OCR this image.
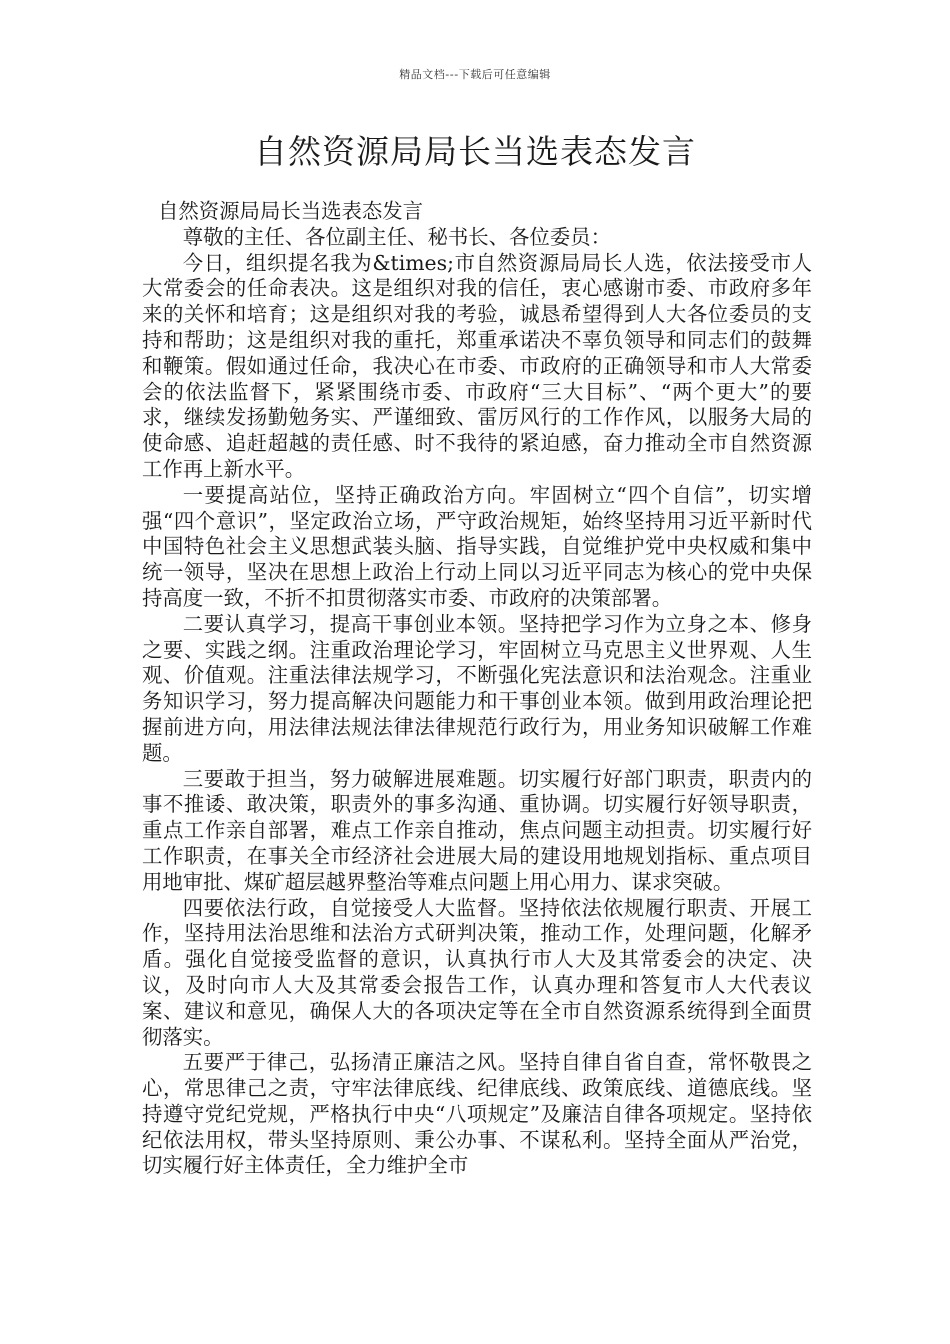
精品文档---下载后可任意编辑
自然资源局局长当选表态发言

自然资源局局长当选表态发言

尊敬的主任、各位副主任、秘书长、各位委员：

今日，组织提名我为&times;市自然资源局局长人选，依法接受市人大常委会的任命表决。这是组织对我的信任，衷心感谢市委、市政府多年来的关怀和培育；这是组织对我的考验，诚恳希望得到人大各位委员的支持和帮助；这是组织对我的重托，郑重承诺决不辜负领导和同志们的鼓舞和鞭策。假如通过任命，我决心在市委、市政府的正确领导和市人大常委会的依法监督下，紧紧围绕市委、市政府“三大目标”、“两个更大”的要求，继续发扬勤勉务实、严谨细致、雷厉风行的工作作风，以服务大局的使命感、追赶超越的责任感、时不我待的紧迫感，奋力推动全市自然资源工作再上新水平。

一要提高站位，坚持正确政治方向。牢固树立“四个自信”，切实增强“四个意识”，坚定政治立场，严守政治规矩，始终坚持用习近平新时代中国特色社会主义思想武装头脑、指导实践，自觉维护党中央权威和集中统一领导，坚决在思想上政治上行动上同以习近平同志为核心的党中央保持高度一致，不折不扣贯彻落实市委、市政府的决策部署。

二要认真学习，提高干事创业本领。坚持把学习作为立身之本、修身之要、实践之纲。注重政治理论学习，牢固树立马克思主义世界观、人生观、价值观。注重法律法规学习，不断强化宪法意识和法治观念。注重业务知识学习，努力提高解决问题能力和干事创业本领。做到用政治理论把握前进方向，用法律法规法律法律规范行政行为，用业务知识破解工作难题。

三要敢于担当，努力破解进展难题。切实履行好部门职责，职责内的事不推诿、敢决策，职责外的事多沟通、重协调。切实履行好领导职责，重点工作亲自部署，难点工作亲自推动，焦点问题主动担责。切实履行好工作职责，在事关全市经济社会进展大局的建设用地规划指标、重点项目用地审批、煤矿超层越界整治等难点问题上用心用力、谋求突破。

四要依法行政，自觉接受人大监督。坚持依法依规履行职责、开展工作，坚持用法治思维和法治方式研判决策，推动工作，处理问题，化解矛盾。强化自觉接受监督的意识，认真执行市人大及其常委会的决定、决议，及时向市人大及其常委会报告工作，认真办理和答复市人大代表议案、建议和意见，确保人大的各项决定等在全市自然资源系统得到全面贯彻落实。

五要严于律己，弘扬清正廉洁之风。坚持自律自省自查，常怀敬畏之心，常思律己之责，守牢法律底线、纪律底线、政策底线、道德底线。坚持遵守党纪党规，严格执行中央“八项规定”及廉洁自律各项规定。坚持依纪依法用权，带头坚持原则、秉公办事、不谋私利。坚持全面从严治党，切实履行好主体责任，全力维护全市
